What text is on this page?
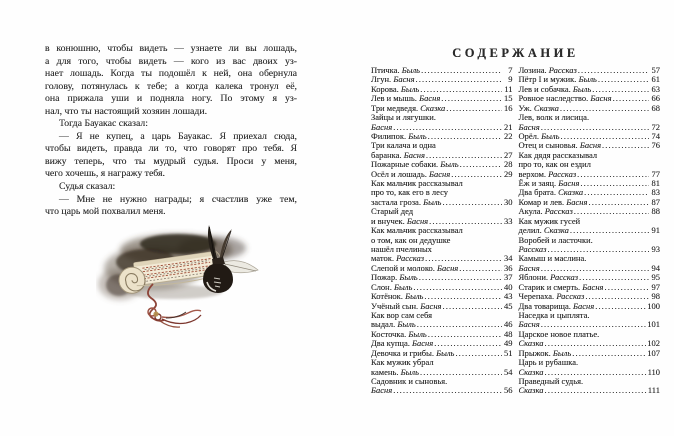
в конюшню, чтобы видеть — узнаете ли вы лошадь,
а для того, чтобы видеть — кого из вас двоих уз-
нает лошадь. Когда ты подошёл к ней, она обернула
голову, потянулась к тебе; а когда калека тронул её,
она прижала уши и подняла ногу. По этому я уз-
нал, что ты настоящий хозяин лошади.
Тогда Бауакас сказал:
— Я не купец, а царь Бауакас. Я приехал сюда,
чтобы видеть, правда ли то, что говорят про тебя. Я
вижу теперь, что ты мудрый судья. Проси у меня,
чего хочешь, я награжу тебя.
Судья сказал:
— Мне не нужно награды; я счастлив уже тем,
что царь мой похвалил меня.
СОДЕРЖАНИЕ
Птичка. Быль .....	7
Лгун. Басня .....	9
Корова. Быль .....	11
Лев и мышь. Басня .....	15
Три медведя. Сказка .....	16
Зайцы и лягушки.
Басня .....	21
Филипок. Быль .....	22
Три калача и одна
баранка. Басня .....	27
Пожарные собаки. Быль .....	28
Осёл и лошадь. Басня .....	29
Как мальчик рассказывал
про то, как его в лесу
застала гроза. Быль .....	30
Старый дед
и внучек. Басня .....	33
Как мальчик рассказывал
о том, как он дедушке
нашёл пчелиных
маток. Рассказ .....	34
Слепой и молоко. Басня .....	36
Пожар. Быль .....	37
Слон. Быль .....	40
Котёнок. Быль .....	43
Учёный сын. Басня .....	45
Как вор сам себя
выдал. Быль .....	46
Косточка. Быль .....	48
Два купца. Басня .....	49
Девочка и грибы. Быль .....	51
Как мужик убрал
камень. Быль .....	54
Садовник и сыновья.
Басня .....	56
Лозина. Рассказ .....	57
Пётр I и мужик. Быль .....	61
Лев и собачка. Быль .....	63
Ровное наследство. Басня .....	66
Уж. Сказка .....	68
Лев, волк и лисица.
Басня .....	72
Орёл. Быль .....	74
Отец и сыновья. Басня .....	76
Как дядя рассказывал
про то, как он ездил
верхом. Рассказ .....	77
Ёж и заяц. Басня .....	81
Два брата. Сказка .....	83
Комар и лев. Басня .....	87
Акула. Рассказ .....	88
Как мужик гусей
делил. Сказка .....	91
Воробей и ласточки.
Рассказ .....	93
Камыш и маслина.
Басня .....	94
Яблони. Рассказ .....	95
Старик и смерть. Басня .....	97
Черепаха. Рассказ .....	98
Два товарища. Басня .....	100
Наседка и цыплята.
Басня .....	101
Царское новое платье.
Сказка .....	102
Прыжок. Быль .....	107
Царь и рубашка.
Сказка .....	110
Праведный судья.
Сказка .....	111
